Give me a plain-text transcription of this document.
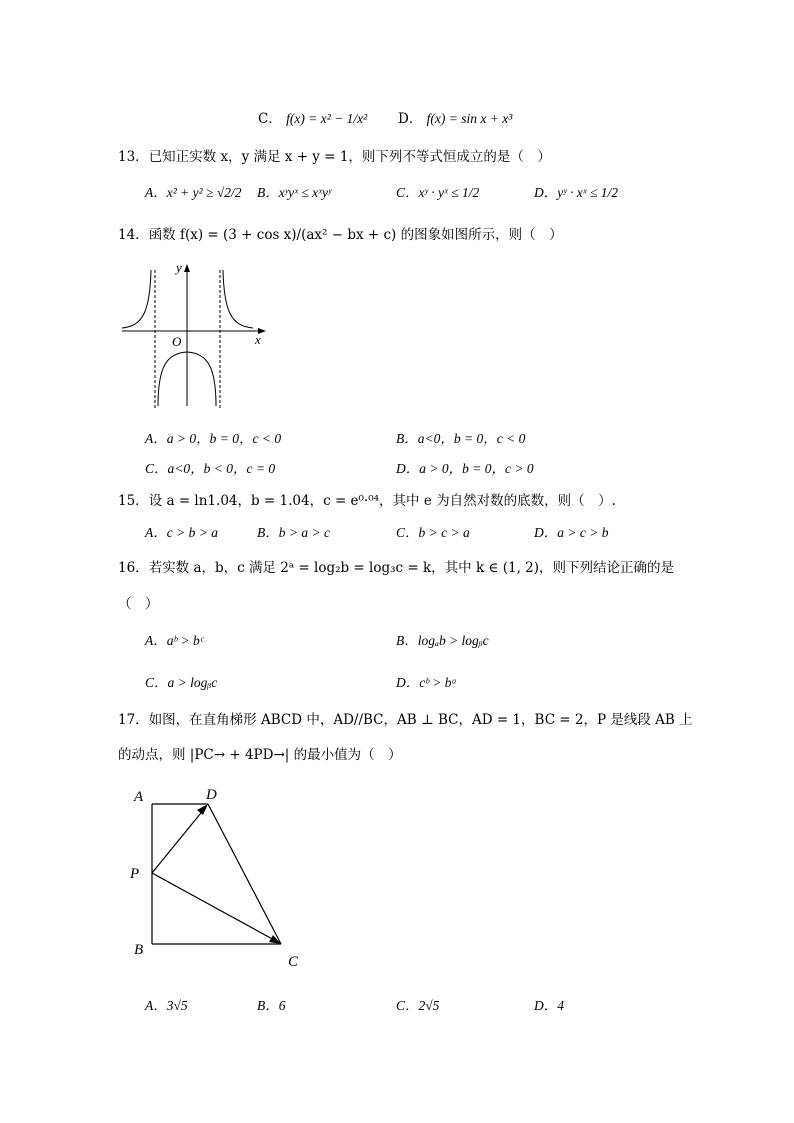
C． f(x) = x² − 1/x² D． f(x) = sin x + x³
13．已知正实数 x，y 满足 x + y = 1，则下列不等式恒成立的是（　）
A．x² + y² ≥ √2/2 B．xʸyˣ ≤ xˣyʸ	C．xʸ · yˣ ≤ 1/2	D．yʸ · xˣ ≤ 1/2
14．函数 f(x) = (3 + cos x)/(ax² − bx + c) 的图象如图所示，则（　）
y
x
O
A．a > 0，b = 0，c < 0	B．a<0，b = 0，c < 0
C．a<0，b < 0，c = 0	D．a > 0，b = 0，c > 0
15．设 a = ln1.04，b = 1.04，c = e⁰·⁰⁴，其中 e 为自然对数的底数，则（　）.
A．c > b > a	B．b > a > c	C．b > c > a	D．a > c > b
16．若实数 a，b，c 满足 2ᵃ = log₂b = log₃c = k，其中 k ∈ (1, 2)，则下列结论正确的是
（　）
A．aᵇ > bᶜ	B．logₐb > logᵦc
C．a > logᵦc	D．cᵇ > bᵃ
17．如图，在直角梯形 ABCD 中，AD//BC，AB ⊥ BC，AD = 1，BC = 2，P 是线段 AB 上
的动点，则 |PC→ + 4PD→| 的最小值为（　）
A	D
P
B
C
A．3√5	B．6	C．2√5	D．4
